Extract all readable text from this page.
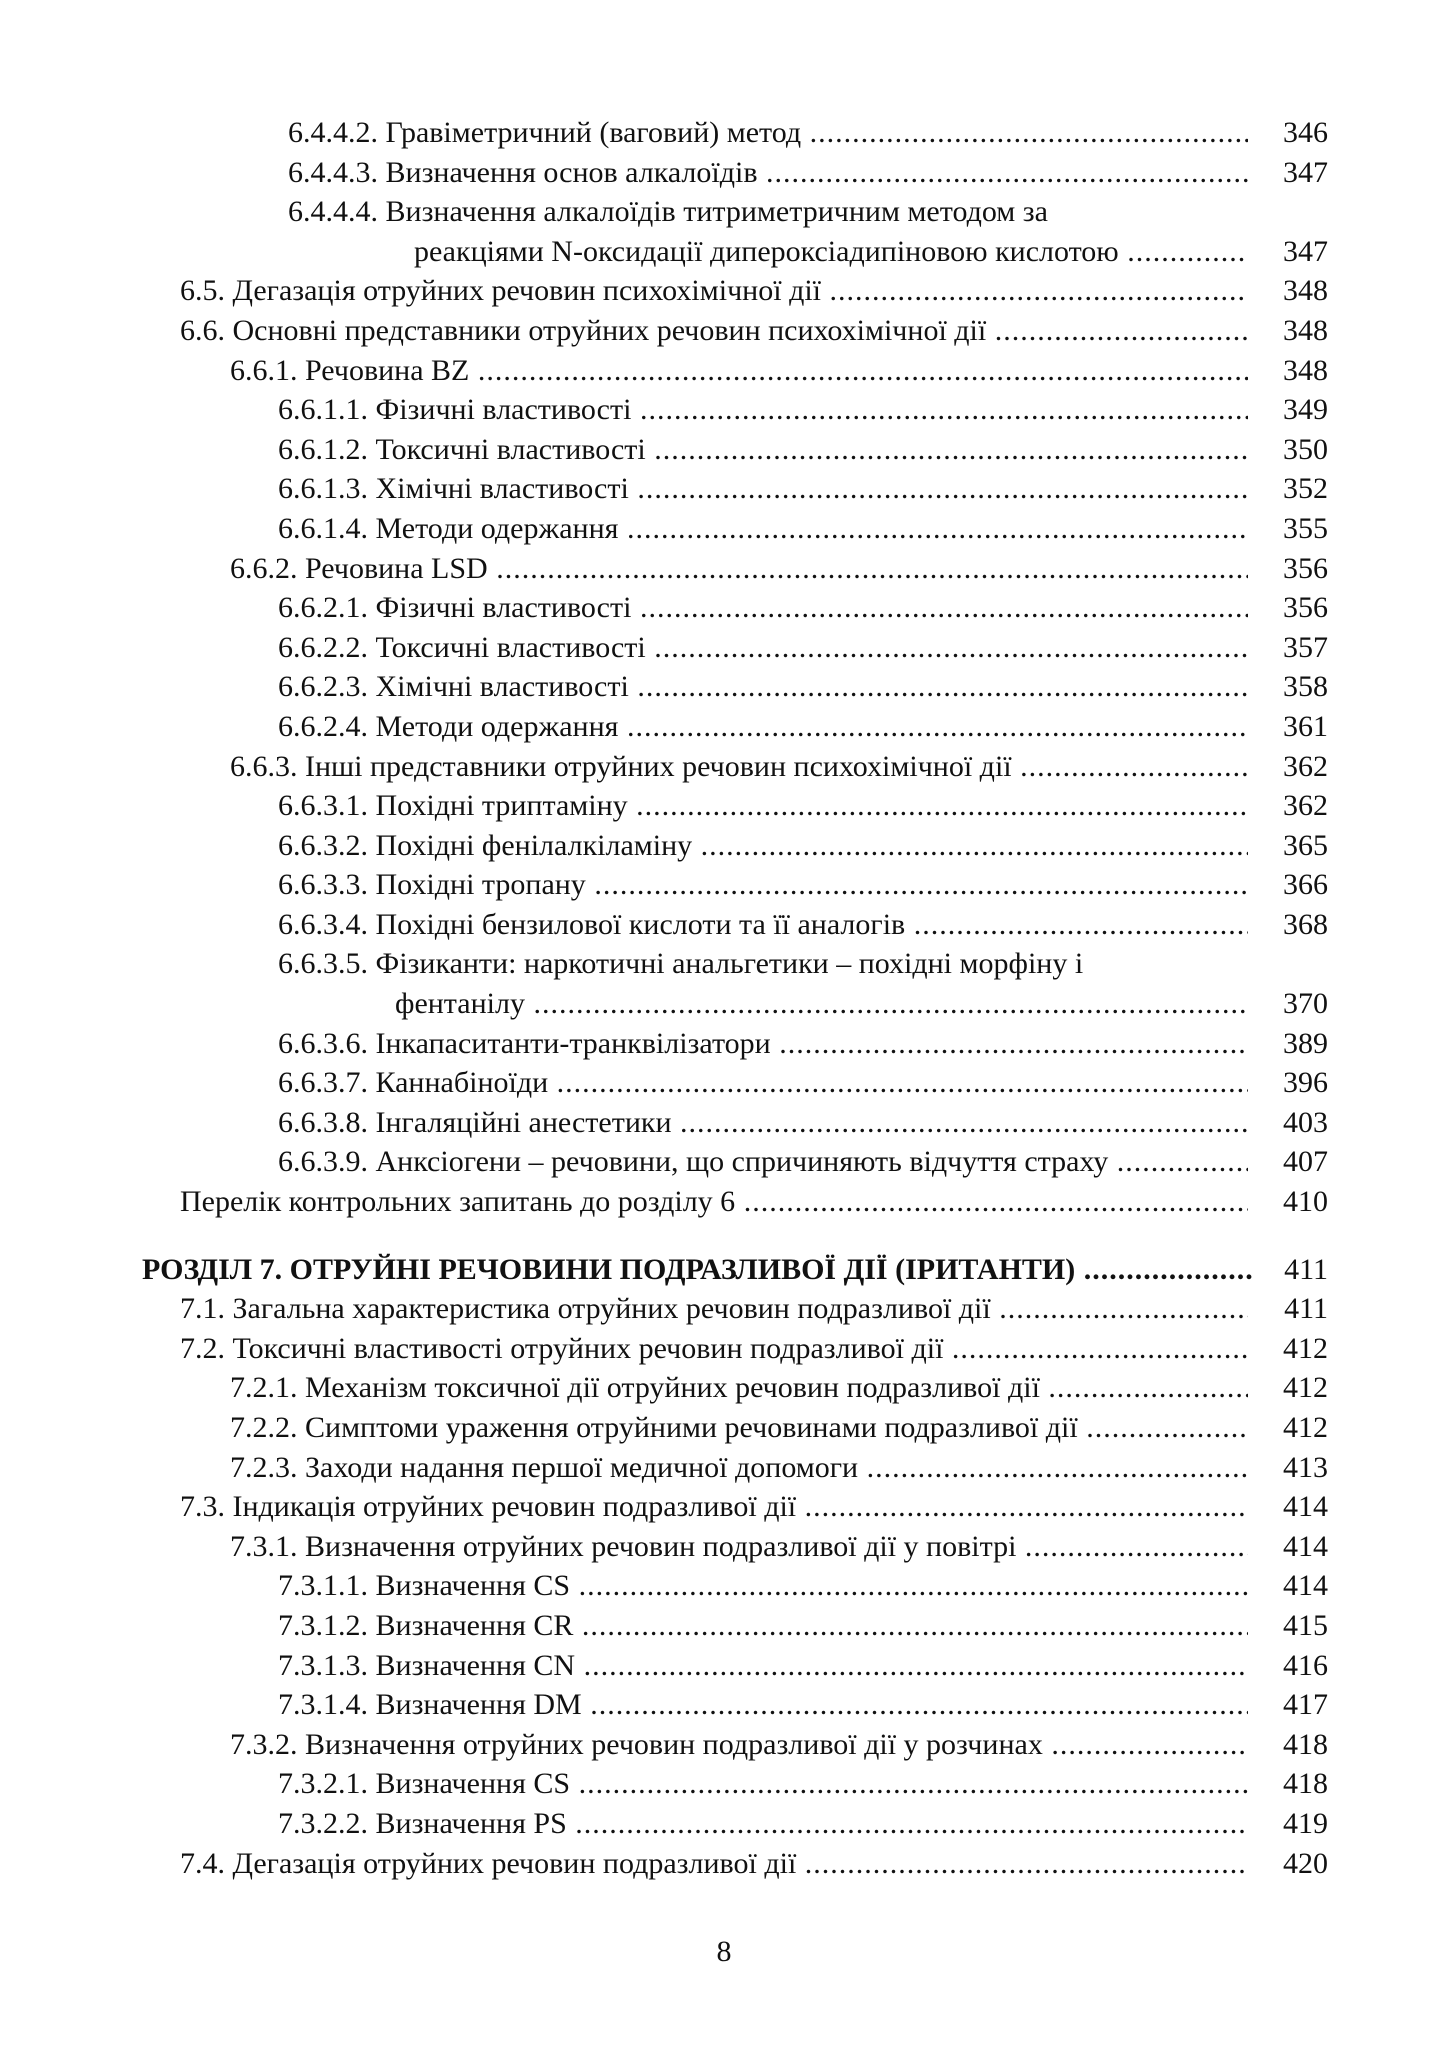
6.4.4.2. Гравіметричний (ваговий) метод .....	346
6.4.4.3. Визначення основ алкалоїдів .....	347
6.4.4.4. Визначення алкалоїдів титриметричним методом за
реакціями N-оксидації дипероксіадипіновою кислотою .....	347
6.5. Дегазація отруйних речовин психохімічної дії .....	348
6.6. Основні представники отруйних речовин психохімічної дії .....	348
6.6.1. Речовина BZ .....	348
6.6.1.1. Фізичні властивості .....	349
6.6.1.2. Токсичні властивості .....	350
6.6.1.3. Хімічні властивості .....	352
6.6.1.4. Методи одержання .....	355
6.6.2. Речовина LSD .....	356
6.6.2.1. Фізичні властивості .....	356
6.6.2.2. Токсичні властивості .....	357
6.6.2.3. Хімічні властивості .....	358
6.6.2.4. Методи одержання .....	361
6.6.3. Інші представники отруйних речовин психохімічної дії .....	362
6.6.3.1. Похідні триптаміну .....	362
6.6.3.2. Похідні фенілалкіламіну .....	365
6.6.3.3. Похідні тропану .....	366
6.6.3.4. Похідні бензилової кислоти та її аналогів .....	368
6.6.3.5. Фізиканти: наркотичні анальгетики – похідні морфіну і
фентанілу .....	370
6.6.3.6. Інкапаситанти-транквілізатори .....	389
6.6.3.7. Каннабіноїди .....	396
6.6.3.8. Інгаляційні анестетики .....	403
6.6.3.9. Анксіогени – речовини, що спричиняють відчуття страху .....	407
Перелік контрольних запитань до розділу 6 .....	410
РОЗДІЛ 7. ОТРУЙНІ РЕЧОВИНИ ПОДРАЗЛИВОЇ ДІЇ (ІРИТАНТИ) .....	411
7.1. Загальна характеристика отруйних речовин подразливої дії .....	411
7.2. Токсичні властивості отруйних речовин подразливої дії .....	412
7.2.1. Механізм токсичної дії отруйних речовин подразливої дії .....	412
7.2.2. Симптоми ураження отруйними речовинами подразливої дії .....	412
7.2.3. Заходи надання першої медичної допомоги .....	413
7.3. Індикація отруйних речовин подразливої дії .....	414
7.3.1. Визначення отруйних речовин подразливої дії у повітрі .....	414
7.3.1.1. Визначення CS .....	414
7.3.1.2. Визначення CR .....	415
7.3.1.3. Визначення CN .....	416
7.3.1.4. Визначення DM .....	417
7.3.2. Визначення отруйних речовин подразливої дії у розчинах .....	418
7.3.2.1. Визначення CS .....	418
7.3.2.2. Визначення PS .....	419
7.4. Дегазація отруйних речовин подразливої дії .....	420
8
